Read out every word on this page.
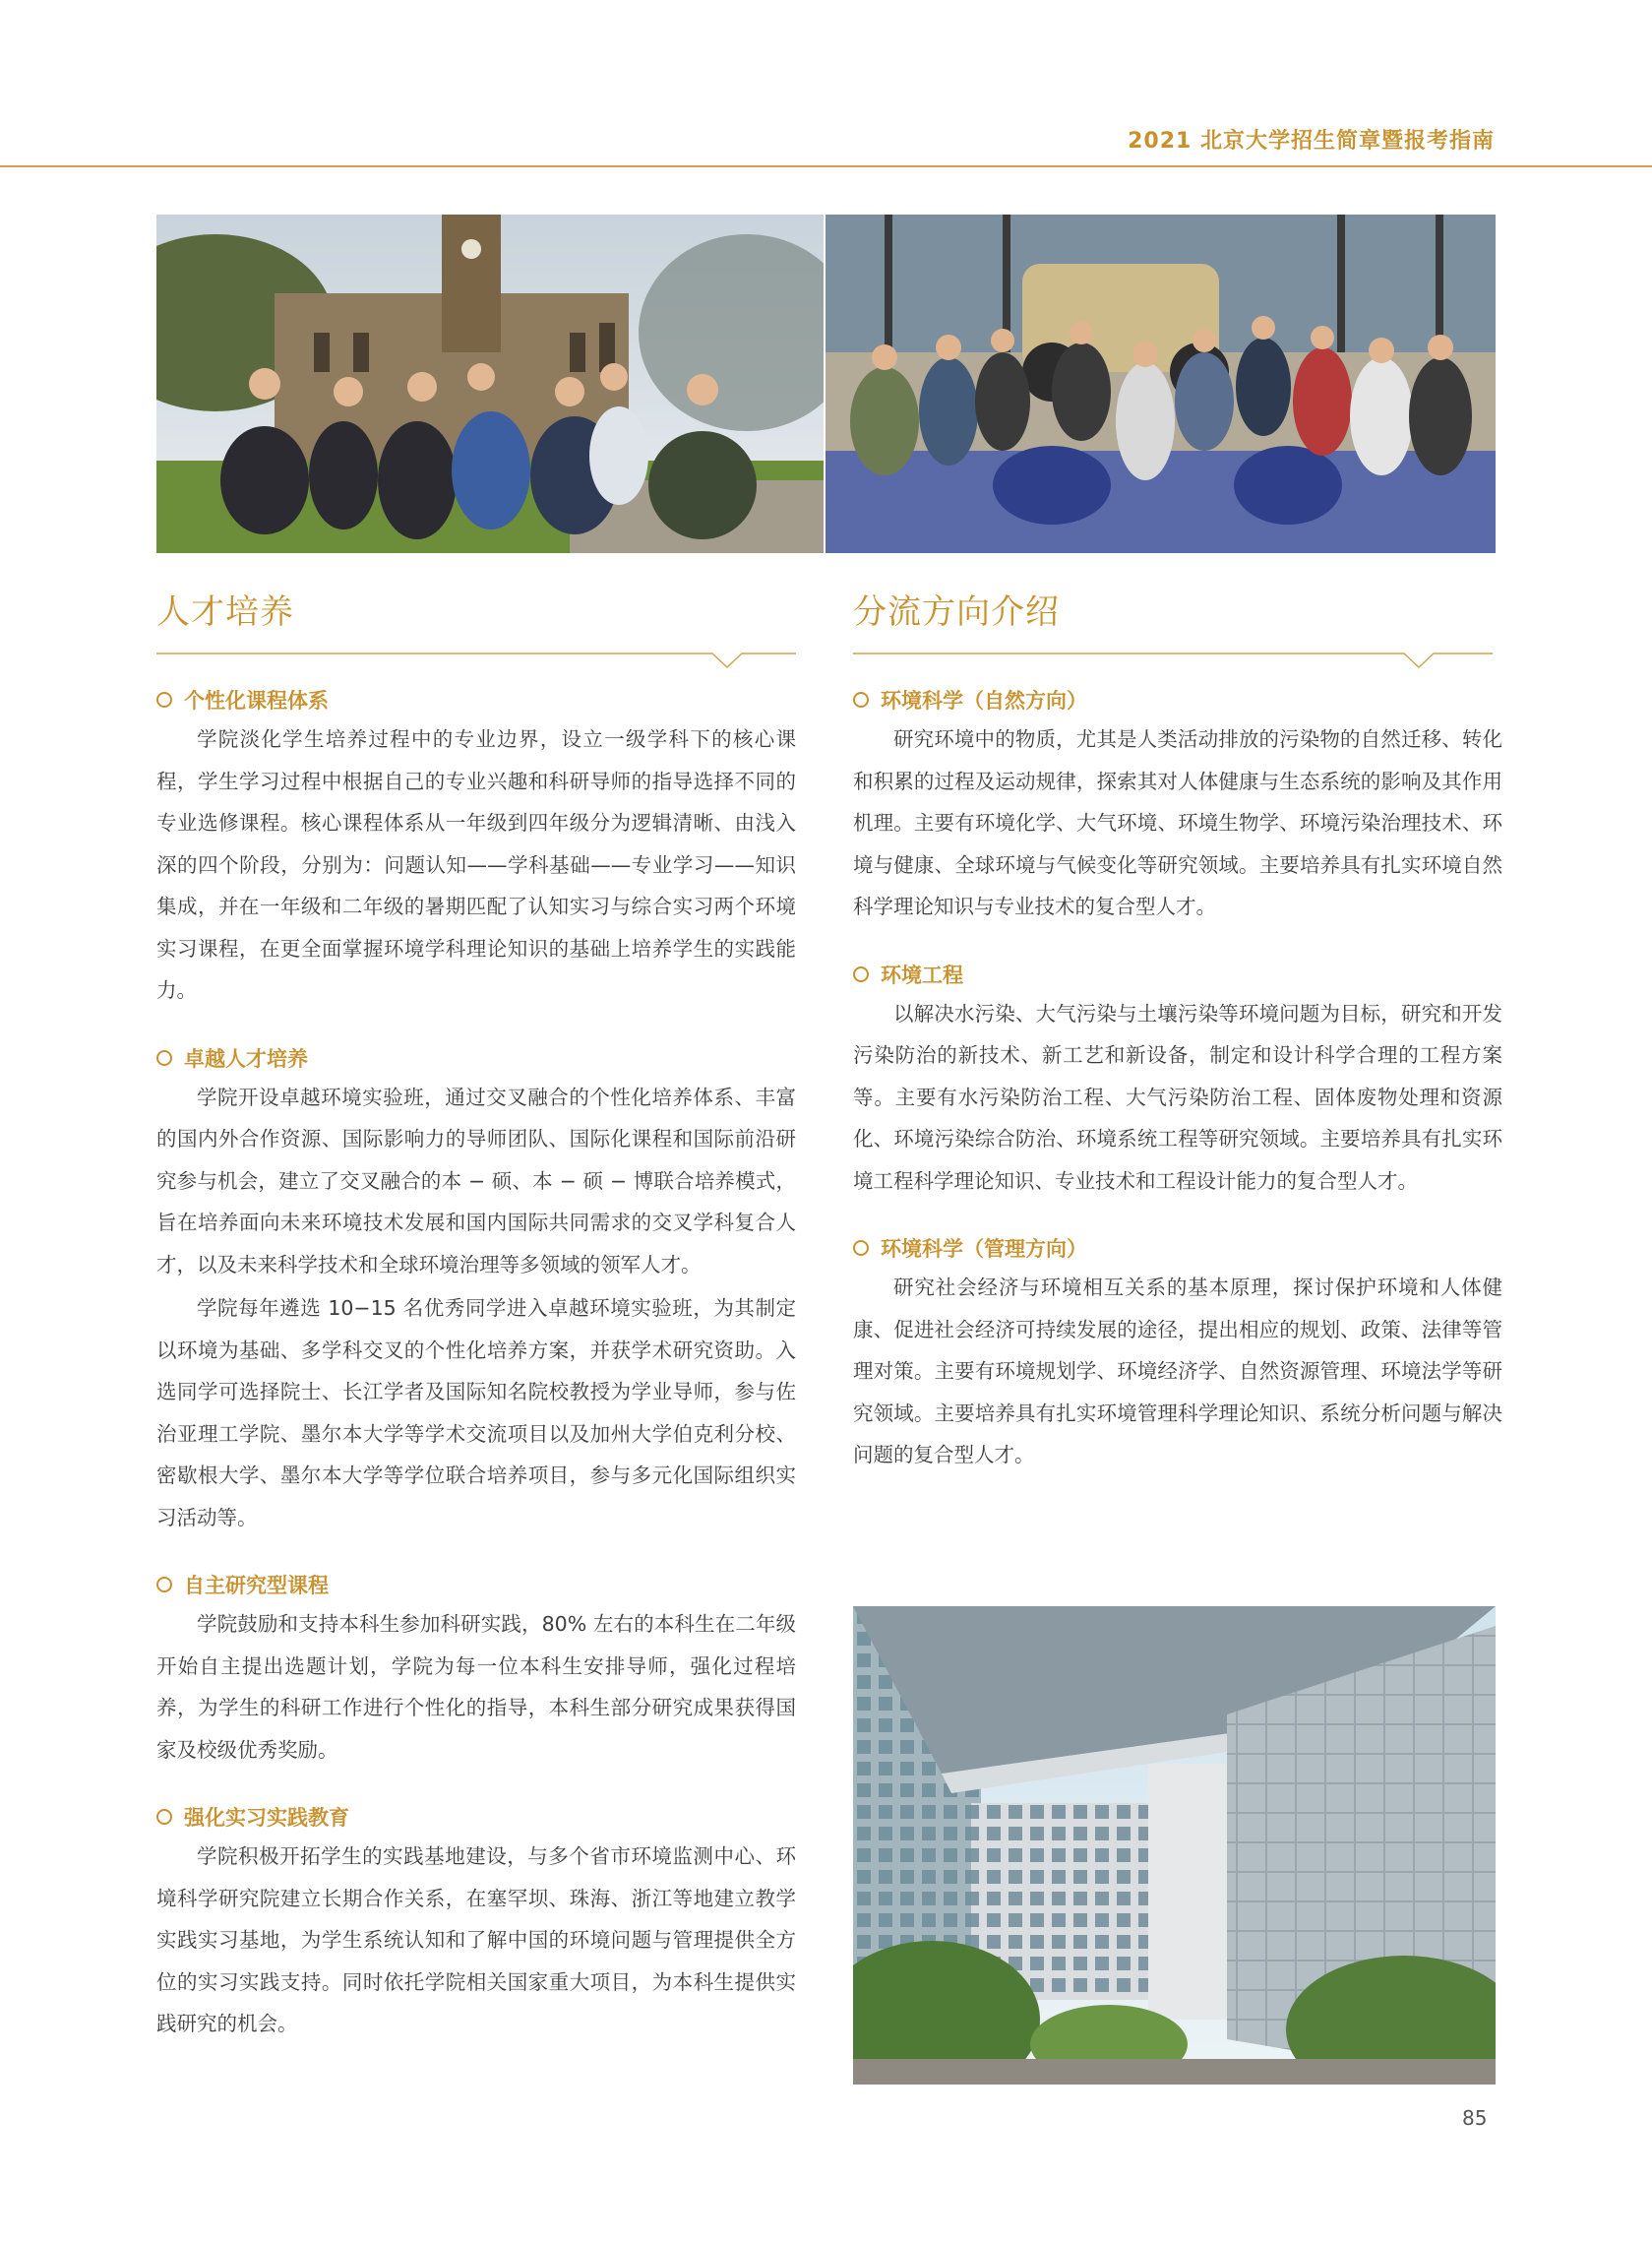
2021 北京大学招生简章暨报考指南
人才培养
个性化课程体系

学院淡化学生培养过程中的专业边界，设立一级学科下的核心课程，学生学习过程中根据自己的专业兴趣和科研导师的指导选择不同的专业选修课程。核心课程体系从一年级到四年级分为逻辑清晰、由浅入深的四个阶段，分别为：问题认知——学科基础——专业学习——知识集成，并在一年级和二年级的暑期匹配了认知实习与综合实习两个环境实习课程，在更全面掌握环境学科理论知识的基础上培养学生的实践能力。

卓越人才培养

学院开设卓越环境实验班，通过交叉融合的个性化培养体系、丰富的国内外合作资源、国际影响力的导师团队、国际化课程和国际前沿研究参与机会，建立了交叉融合的本 − 硕、本 − 硕 − 博联合培养模式，旨在培养面向未来环境技术发展和国内国际共同需求的交叉学科复合人才，以及未来科学技术和全球环境治理等多领域的领军人才。

学院每年遴选 10−15 名优秀同学进入卓越环境实验班，为其制定以环境为基础、多学科交叉的个性化培养方案，并获学术研究资助。入选同学可选择院士、长江学者及国际知名院校教授为学业导师，参与佐治亚理工学院、墨尔本大学等学术交流项目以及加州大学伯克利分校、密歇根大学、墨尔本大学等学位联合培养项目，参与多元化国际组织实习活动等。

自主研究型课程

学院鼓励和支持本科生参加科研实践，80% 左右的本科生在二年级开始自主提出选题计划，学院为每一位本科生安排导师，强化过程培养，为学生的科研工作进行个性化的指导，本科生部分研究成果获得国家及校级优秀奖励。

强化实习实践教育

学院积极开拓学生的实践基地建设，与多个省市环境监测中心、环境科学研究院建立长期合作关系，在塞罕坝、珠海、浙江等地建立教学实践实习基地，为学生系统认知和了解中国的环境问题与管理提供全方位的实习实践支持。同时依托学院相关国家重大项目，为本科生提供实践研究的机会。

分流方向介绍
环境科学（自然方向）

研究环境中的物质，尤其是人类活动排放的污染物的自然迁移、转化和积累的过程及运动规律，探索其对人体健康与生态系统的影响及其作用机理。主要有环境化学、大气环境、环境生物学、环境污染治理技术、环境与健康、全球环境与气候变化等研究领域。主要培养具有扎实环境自然科学理论知识与专业技术的复合型人才。

环境工程

以解决水污染、大气污染与土壤污染等环境问题为目标，研究和开发污染防治的新技术、新工艺和新设备，制定和设计科学合理的工程方案等。主要有水污染防治工程、大气污染防治工程、固体废物处理和资源化、环境污染综合防治、环境系统工程等研究领域。主要培养具有扎实环境工程科学理论知识、专业技术和工程设计能力的复合型人才。

环境科学（管理方向）

研究社会经济与环境相互关系的基本原理，探讨保护环境和人体健康、促进社会经济可持续发展的途径，提出相应的规划、政策、法律等管理对策。主要有环境规划学、环境经济学、自然资源管理、环境法学等研究领域。主要培养具有扎实环境管理科学理论知识、系统分析问题与解决问题的复合型人才。

85
